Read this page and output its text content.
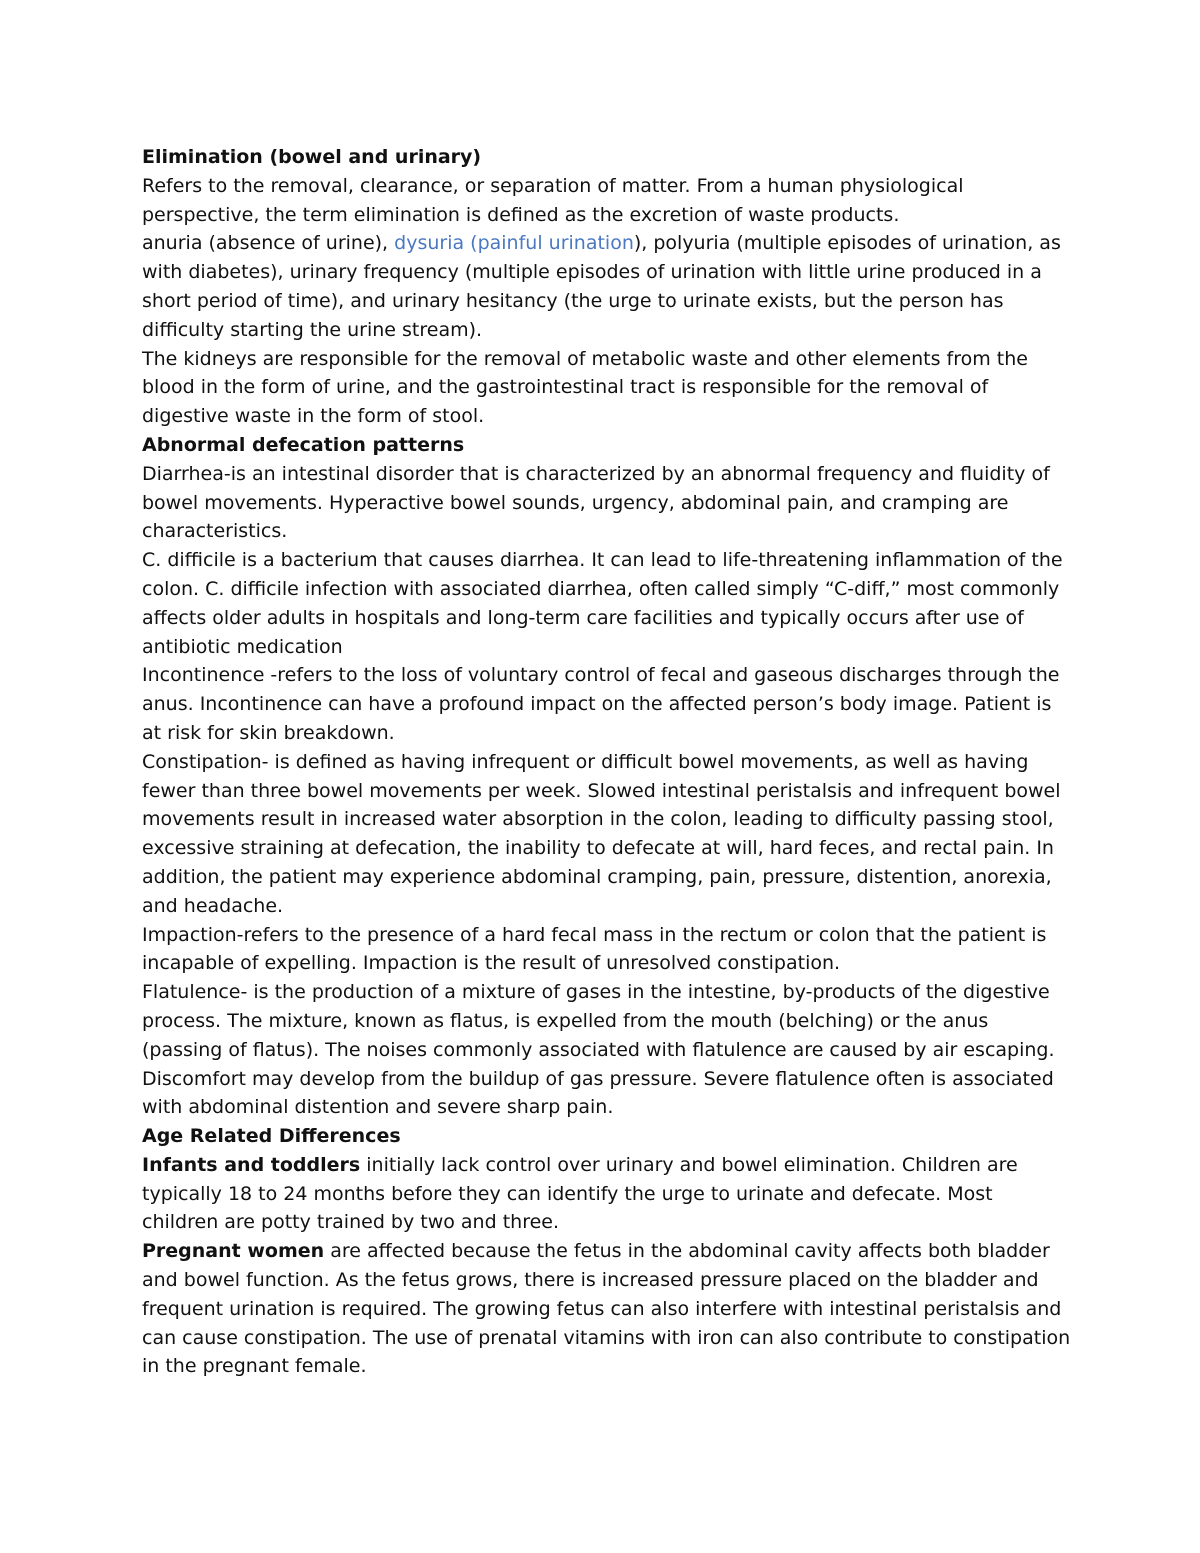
Elimination (bowel and urinary)

Refers to the removal, clearance, or separation of matter. From a human physiological perspective, the term elimination is defined as the excretion of waste products.

anuria (absence of urine), dysuria (painful urination), polyuria (multiple episodes of urination, as with diabetes), urinary frequency (multiple episodes of urination with little urine produced in a short period of time), and urinary hesitancy (the urge to urinate exists, but the person has difficulty starting the urine stream).

The kidneys are responsible for the removal of metabolic waste and other elements from the blood in the form of urine, and the gastrointestinal tract is responsible for the removal of digestive waste in the form of stool.

Abnormal defecation patterns

Diarrhea-is an intestinal disorder that is characterized by an abnormal frequency and fluidity of bowel movements. Hyperactive bowel sounds, urgency, abdominal pain, and cramping are characteristics.

C. difficile is a bacterium that causes diarrhea. It can lead to life-threatening inflammation of the colon. C. difficile infection with associated diarrhea, often called simply “C-diff,” most commonly affects older adults in hospitals and long-term care facilities and typically occurs after use of antibiotic medication

Incontinence -refers to the loss of voluntary control of fecal and gaseous discharges through the anus. Incontinence can have a profound impact on the affected person’s body image. Patient is at risk for skin breakdown.

Constipation- is defined as having infrequent or difficult bowel movements, as well as having fewer than three bowel movements per week. Slowed intestinal peristalsis and infrequent bowel movements result in increased water absorption in the colon, leading to difficulty passing stool, excessive straining at defecation, the inability to defecate at will, hard feces, and rectal pain. In addition, the patient may experience abdominal cramping, pain, pressure, distention, anorexia, and headache.

Impaction-refers to the presence of a hard fecal mass in the rectum or colon that the patient is incapable of expelling. Impaction is the result of unresolved constipation.

Flatulence- is the production of a mixture of gases in the intestine, by-products of the digestive process. The mixture, known as flatus, is expelled from the mouth (belching) or the anus (passing of flatus). The noises commonly associated with flatulence are caused by air escaping. Discomfort may develop from the buildup of gas pressure. Severe flatulence often is associated with abdominal distention and severe sharp pain.

Age Related Differences

Infants and toddlers initially lack control over urinary and bowel elimination. Children are typically 18 to 24 months before they can identify the urge to urinate and defecate. Most children are potty trained by two and three.

Pregnant women are affected because the fetus in the abdominal cavity affects both bladder and bowel function. As the fetus grows, there is increased pressure placed on the bladder and frequent urination is required. The growing fetus can also interfere with intestinal peristalsis and can cause constipation. The use of prenatal vitamins with iron can also contribute to constipation in the pregnant female.
